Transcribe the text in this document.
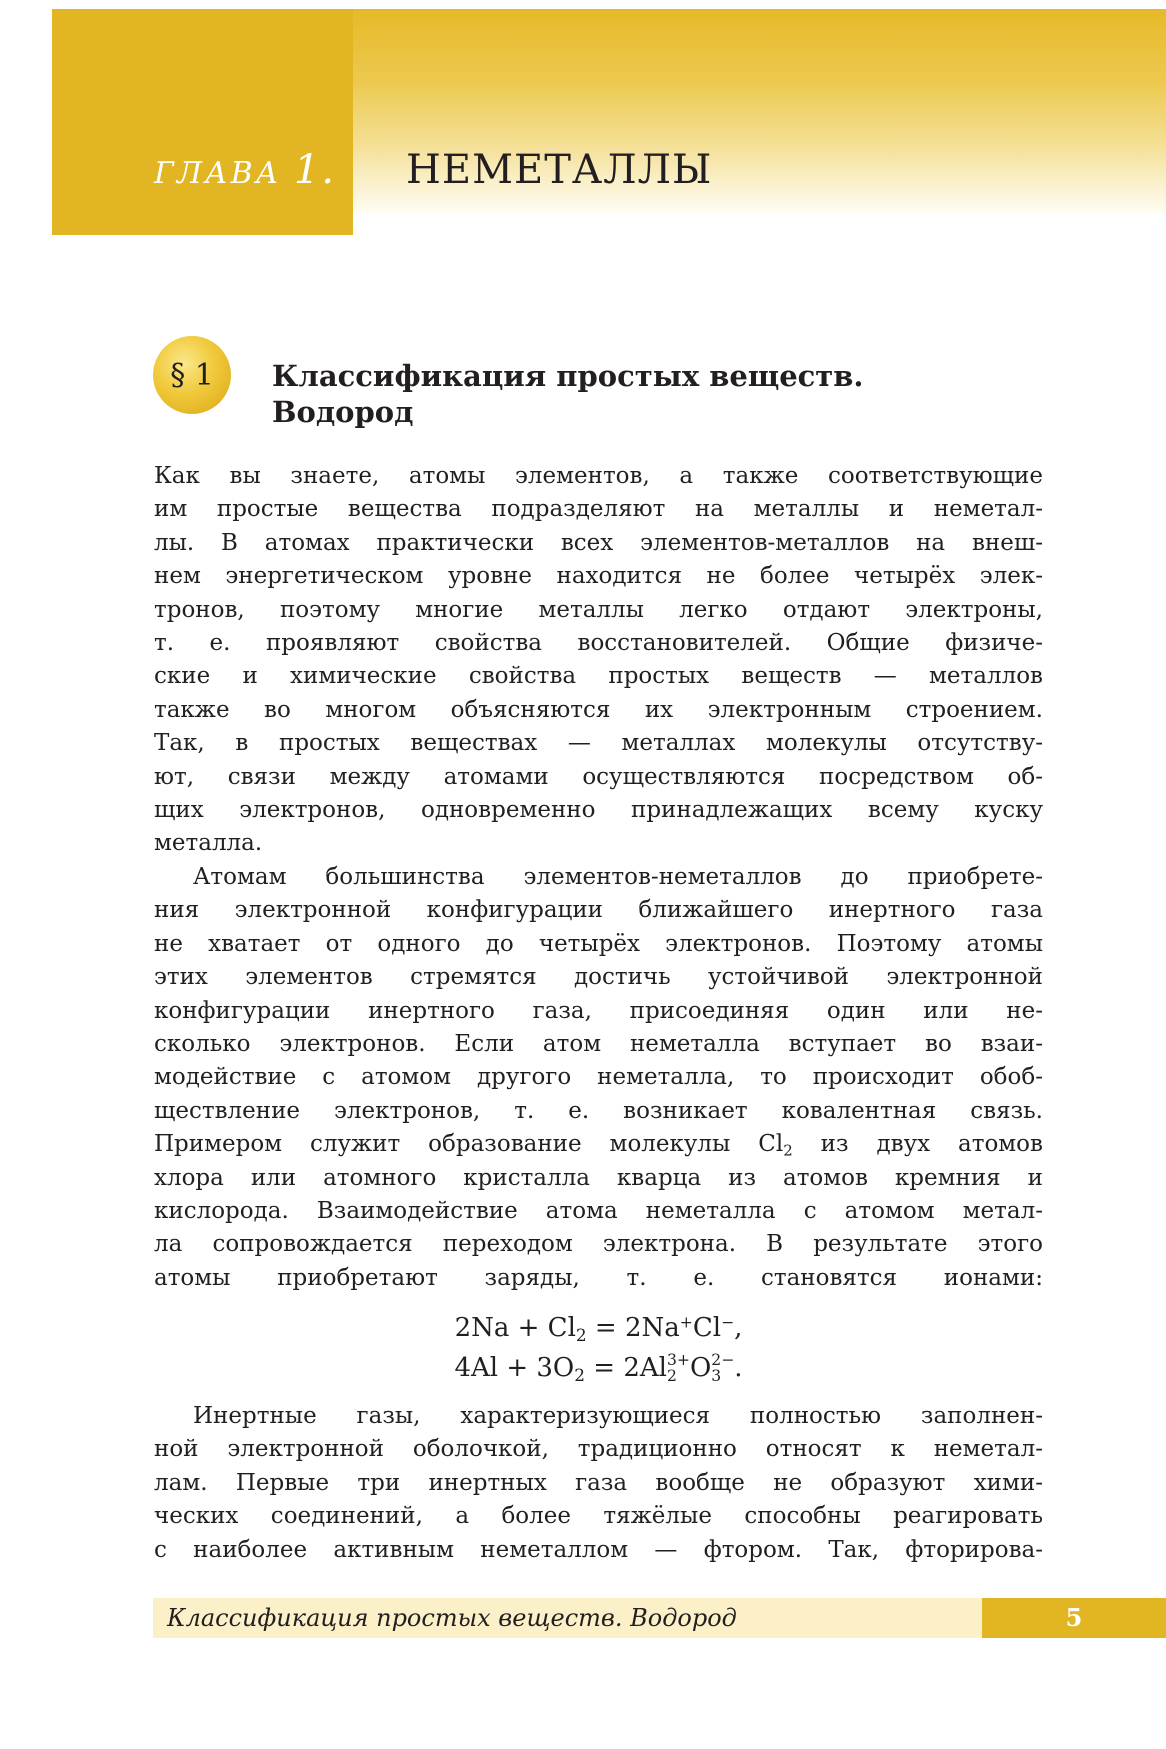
ГЛАВА 1. НЕМЕТАЛЛЫ
§ 1 Классификация простых веществ.
Водород
Как вы знаете, атомы элементов, а также соответствующие
им простые вещества подразделяют на металлы и неметал-
лы. В атомах практически всех элементов-металлов на внеш-
нем энергетическом уровне находится не более четырёх элек-
тронов, поэтому многие металлы легко отдают электроны,
т. е. проявляют свойства восстановителей. Общие физиче-
ские и химические свойства простых веществ — металлов
также во многом объясняются их электронным строением.
Так, в простых веществах — металлах молекулы отсутству-
ют, связи между атомами осуществляются посредством об-
щих электронов, одновременно принадлежащих всему куску
металла.
Атомам большинства элементов-неметаллов до приобрете-
ния электронной конфигурации ближайшего инертного газа
не хватает от одного до четырёх электронов. Поэтому атомы
этих элементов стремятся достичь устойчивой электронной
конфигурации инертного газа, присоединяя один или не-
сколько электронов. Если атом неметалла вступает во взаи-
модействие с атомом другого неметалла, то происходит обоб-
ществление электронов, т. е. возникает ковалентная связь.
Примером служит образование молекулы $Cl_2$ из двух атомов
хлора или атомного кристалла кварца из атомов кремния и
кислорода. Взаимодействие атома неметалла с атомом метал-
ла сопровождается переходом электрона. В результате этого
атомы приобретают заряды, т. е. становятся ионами:
$2Na + Cl_2 = 2Na^+Cl^-$,
$4Al + 3O_2 = 2Al$ 3+
2 O 2−
3 .
Инертные газы, характеризующиеся полностью заполнен-
ной электронной оболочкой, традиционно относят к неметал-
лам. Первые три инертных газа вообще не образуют хими-
ческих соединений, а более тяжёлые способны реагировать
с наиболее активным неметаллом — фтором. Так, фторирова-
Классификация простых веществ. Водород	5
